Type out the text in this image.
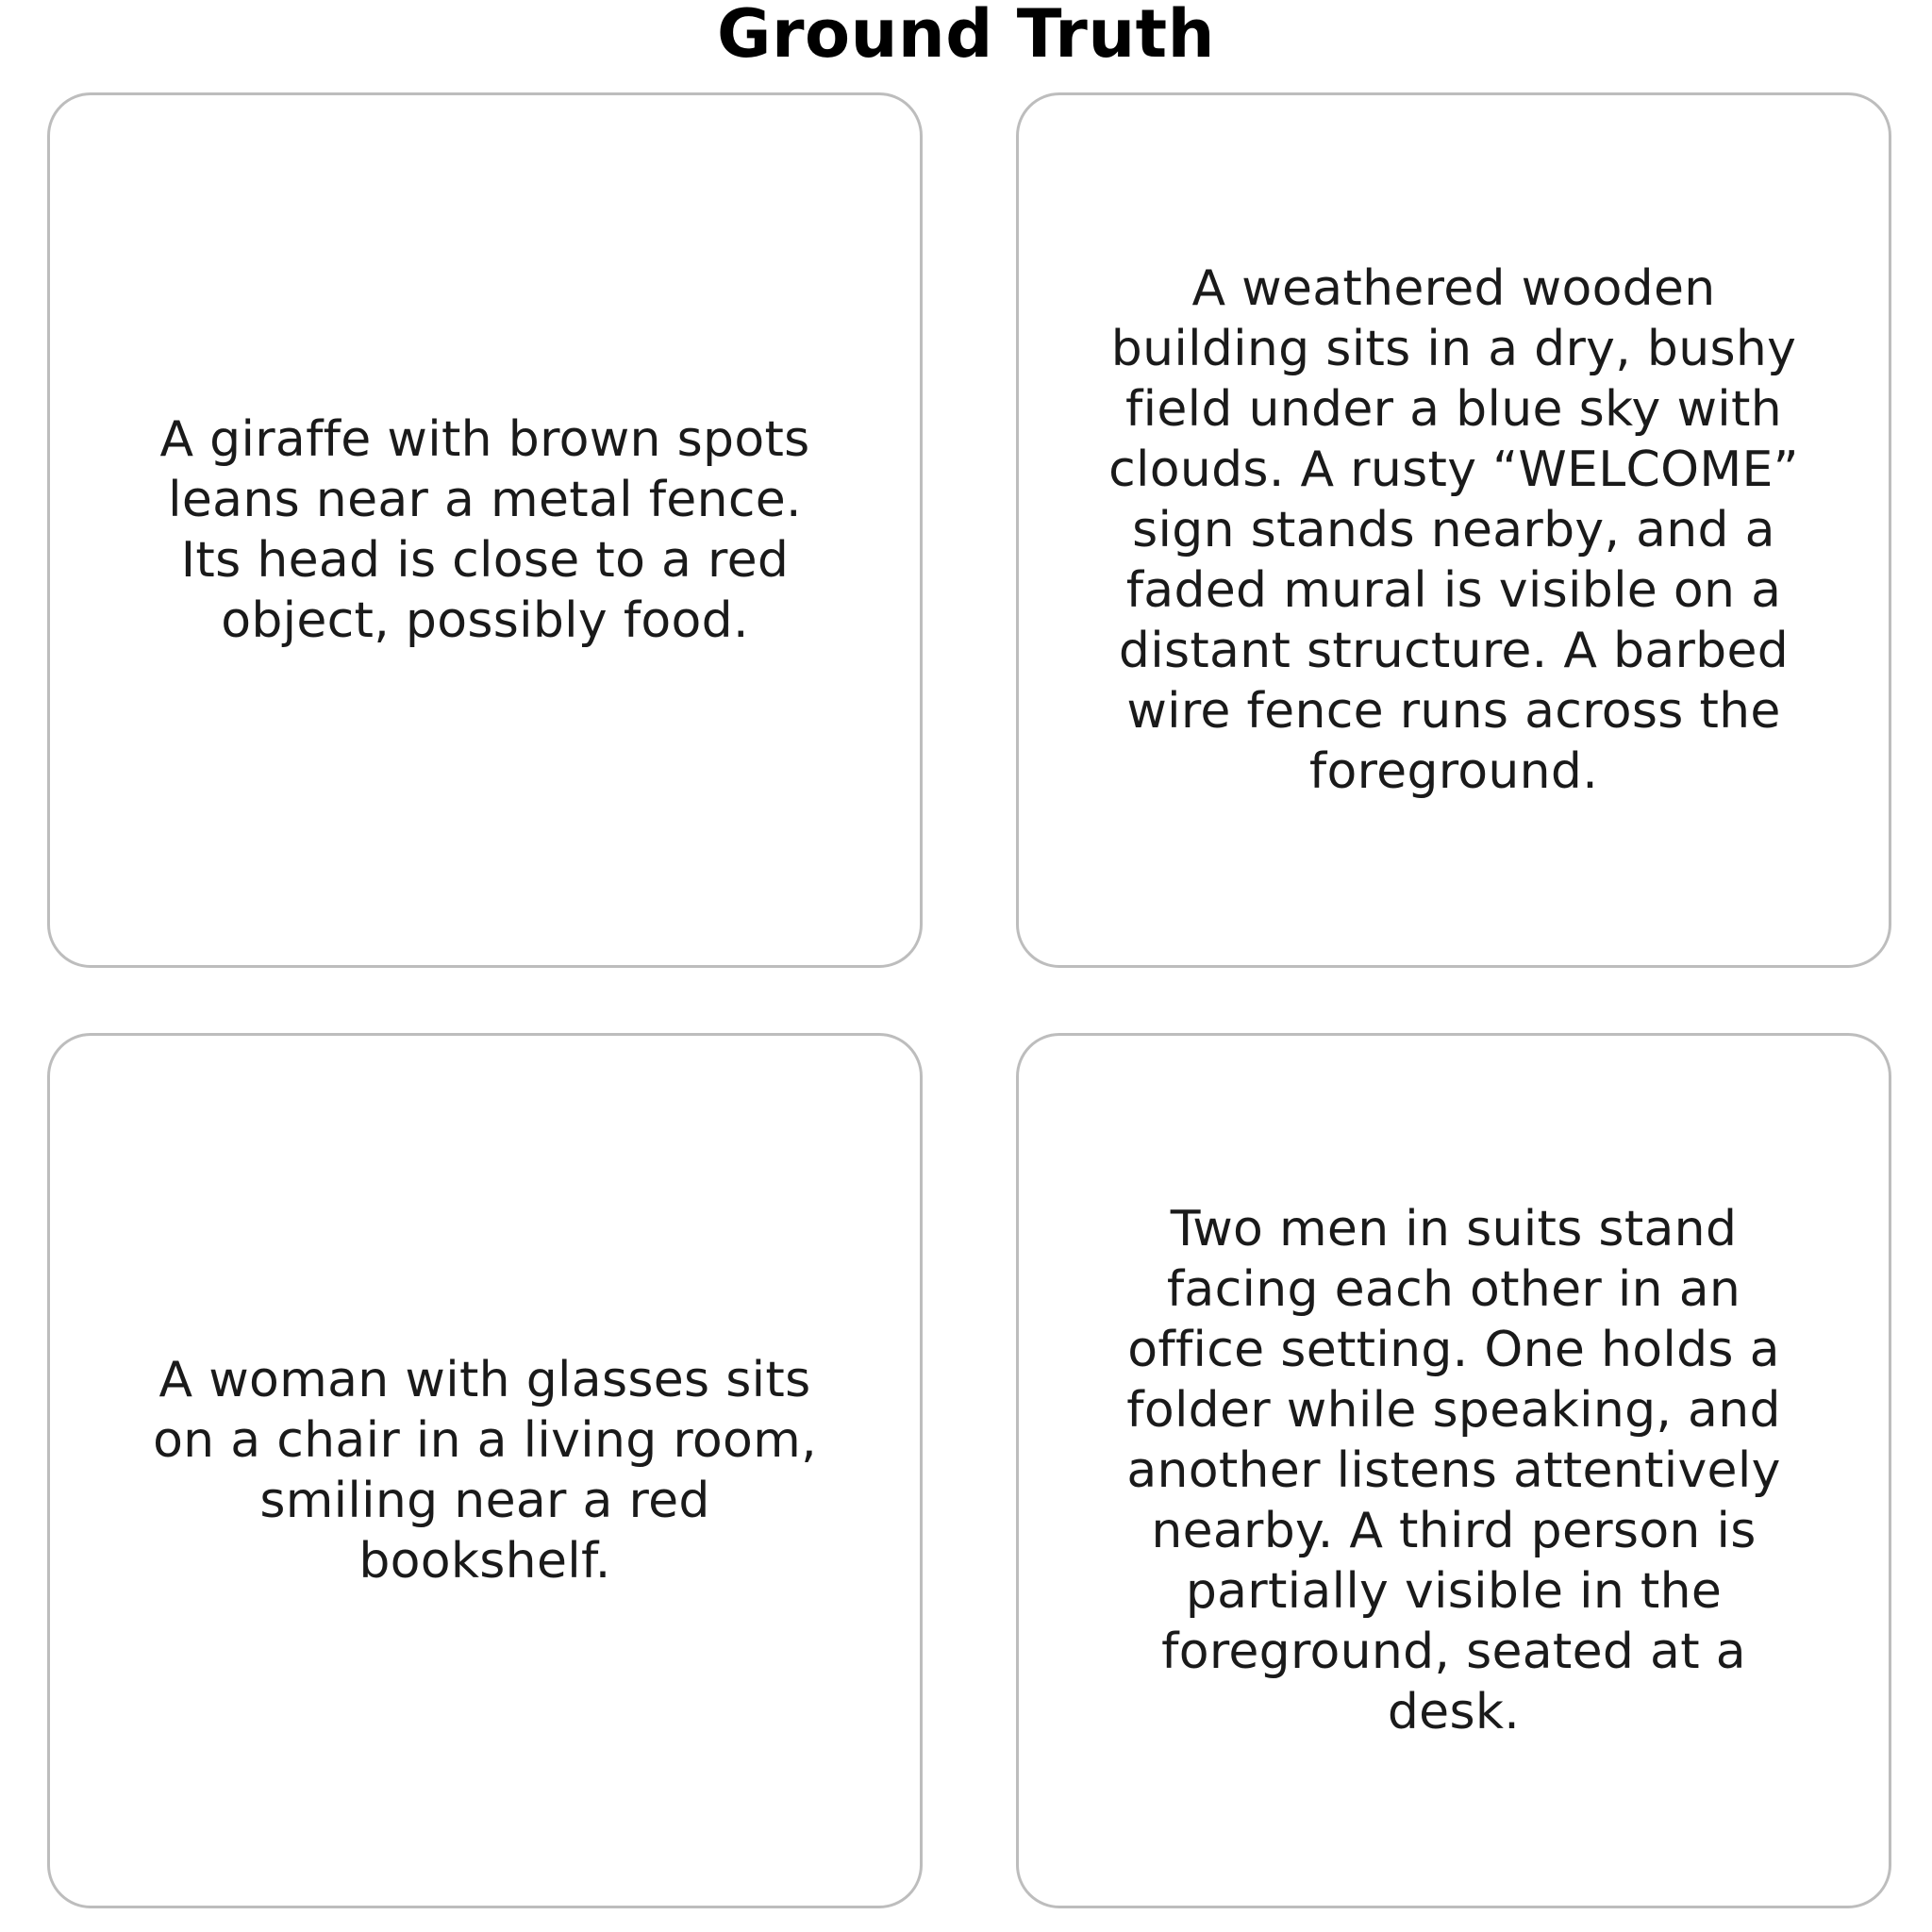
Ground Truth
A giraffe with brown spots leans near a metal fence. Its head is close to a red object, possibly food.
A weathered wooden building sits in a dry, bushy field under a blue sky with clouds. A rusty “WELCOME” sign stands nearby, and a faded mural is visible on a distant structure. A barbed wire fence runs across the foreground.
A woman with glasses sits on a chair in a living room, smiling near a red bookshelf.
Two men in suits stand facing each other in an office setting. One holds a folder while speaking, and another listens attentively nearby. A third person is partially visible in the foreground, seated at a desk.
